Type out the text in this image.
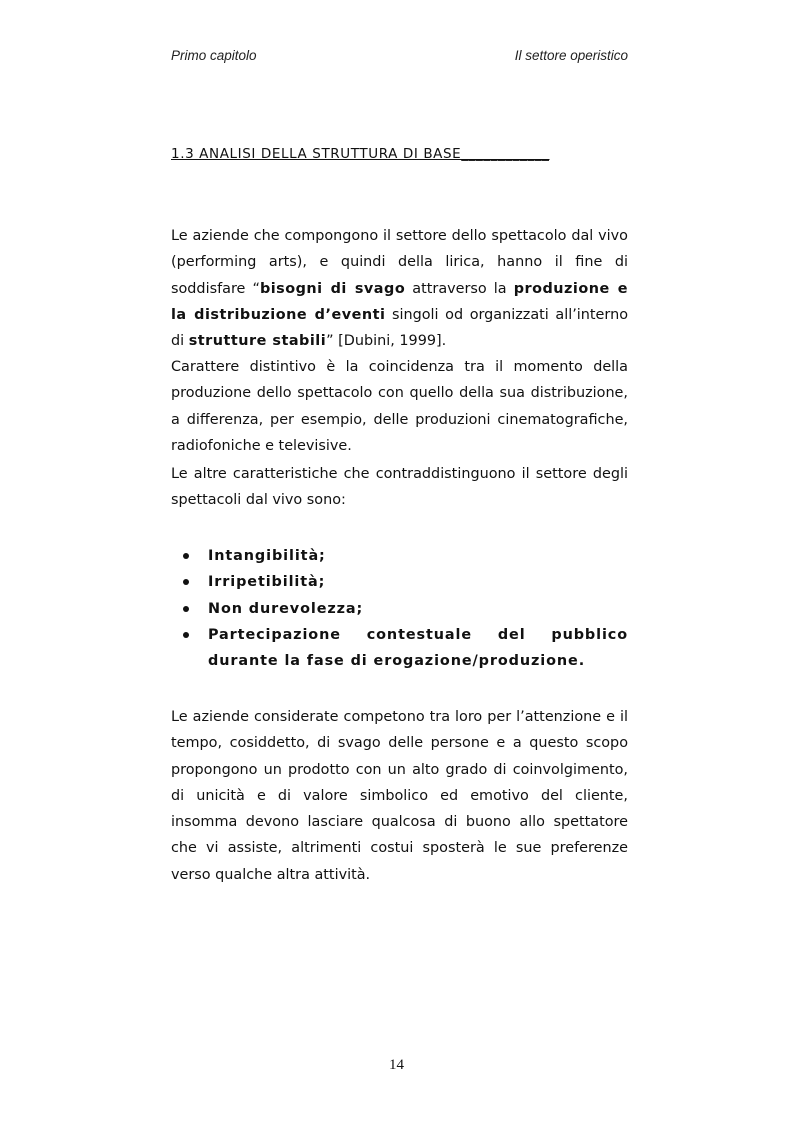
Primo capitolo	Il settore operistico
1.3 ANALISI DELLA STRUTTURA DI BASE____________

Le aziende che compongono il settore dello spettacolo dal vivo (performing arts), e quindi della lirica, hanno il fine di soddisfare “bisogni di svago attraverso la produzione e la distribuzione d’eventi singoli od organizzati all’interno di strutture stabili” [Dubini, 1999].

Carattere distintivo è la coincidenza tra il momento della produzione dello spettacolo con quello della sua distribuzione, a differenza, per esempio, delle produzioni cinematografiche, radiofoniche e televisive.

Le altre caratteristiche che contraddistinguono il settore degli spettacoli dal vivo sono:

Intangibilità;
Irripetibilità;
Non durevolezza;
Partecipazione contestuale del pubblico durante la fase di erogazione/produzione.

Le aziende considerate competono tra loro per l’attenzione e il tempo, cosiddetto, di svago delle persone e a questo scopo propongono un prodotto con un alto grado di coinvolgimento, di unicità e di valore simbolico ed emotivo del cliente, insomma devono lasciare qualcosa di buono allo spettatore che vi assiste, altrimenti costui sposterà le sue preferenze verso qualche altra attività.

14
